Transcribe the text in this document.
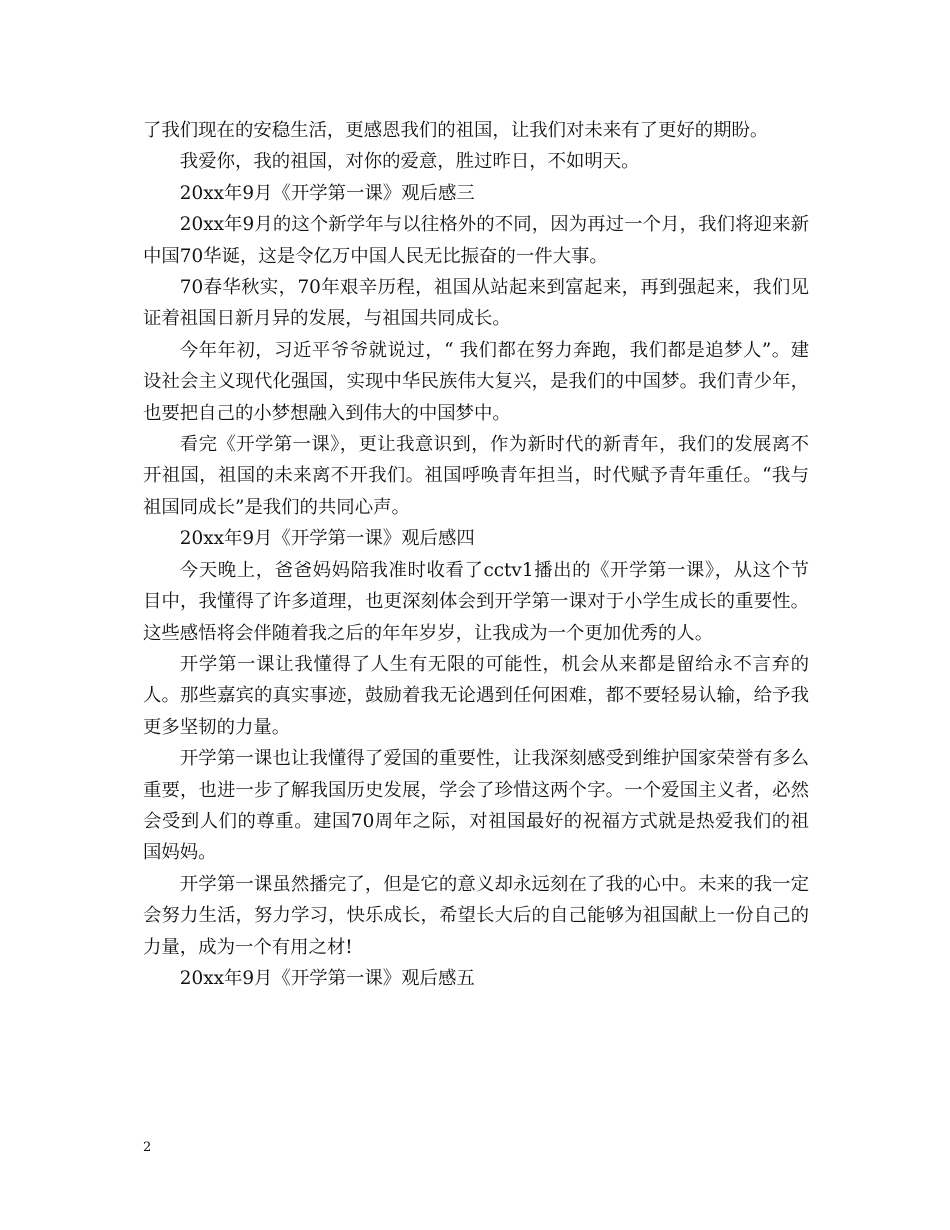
了我们现在的安稳生活，更感恩我们的祖国，让我们对未来有了更好的期盼。

我爱你，我的祖国，对你的爱意，胜过昨日，不如明天。

20xx年9月《开学第一课》观后感三

20xx年9月的这个新学年与以往格外的不同，因为再过一个月，我们将迎来新中国70华诞，这是令亿万中国人民无比振奋的一件大事。

70春华秋实，70年艰辛历程，祖国从站起来到富起来，再到强起来，我们见证着祖国日新月异的发展，与祖国共同成长。

今年年初，习近平爷爷就说过，“ 我们都在努力奔跑，我们都是追梦人”。建设社会主义现代化强国，实现中华民族伟大复兴，是我们的中国梦。我们青少年，也要把自己的小梦想融入到伟大的中国梦中。

看完《开学第一课》，更让我意识到，作为新时代的新青年，我们的发展离不开祖国，祖国的未来离不开我们。祖国呼唤青年担当，时代赋予青年重任。“我与祖国同成长”是我们的共同心声。

20xx年9月《开学第一课》观后感四

今天晚上，爸爸妈妈陪我准时收看了cctv1播出的《开学第一课》，从这个节目中，我懂得了许多道理，也更深刻体会到开学第一课对于小学生成长的重要性。这些感悟将会伴随着我之后的年年岁岁，让我成为一个更加优秀的人。

开学第一课让我懂得了人生有无限的可能性，机会从来都是留给永不言弃的人。那些嘉宾的真实事迹，鼓励着我无论遇到任何困难，都不要轻易认输，给予我更多坚韧的力量。

开学第一课也让我懂得了爱国的重要性，让我深刻感受到维护国家荣誉有多么重要，也进一步了解我国历史发展，学会了珍惜这两个字。一个爱国主义者，必然会受到人们的尊重。建国70周年之际，对祖国最好的祝福方式就是热爱我们的祖国妈妈。

开学第一课虽然播完了，但是它的意义却永远刻在了我的心中。未来的我一定会努力生活，努力学习，快乐成长，希望长大后的自己能够为祖国献上一份自己的力量，成为一个有用之材!

20xx年9月《开学第一课》观后感五

2
